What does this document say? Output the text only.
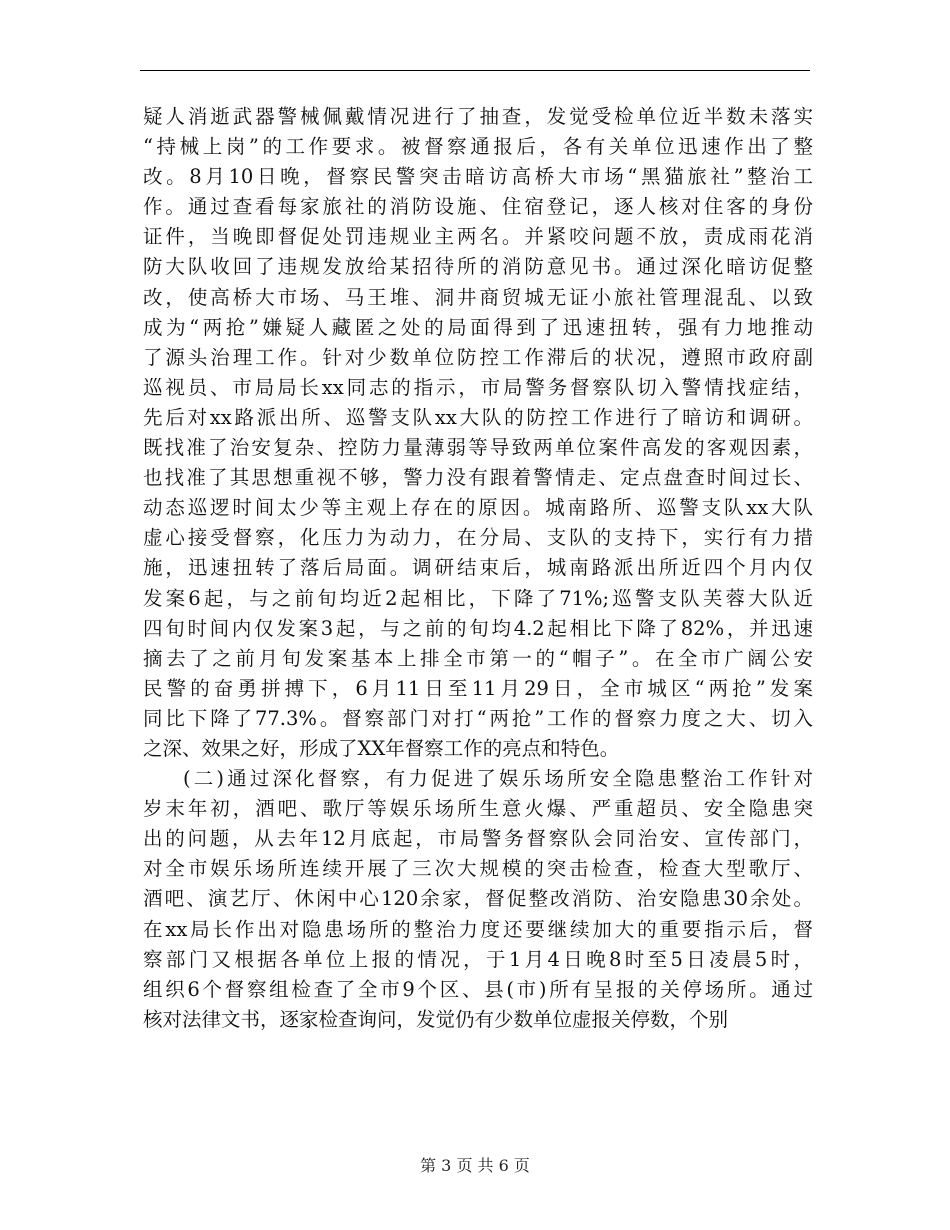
疑人消逝武器警械佩戴情况进行了抽查，发觉受检单位近半数未落实
“持械上岗”的工作要求。被督察通报后，各有关单位迅速作出了整
改。8月10日晚，督察民警突击暗访高桥大市场“黑猫旅社”整治工
作。通过查看每家旅社的消防设施、住宿登记，逐人核对住客的身份
证件，当晚即督促处罚违规业主两名。并紧咬问题不放，责成雨花消
防大队收回了违规发放给某招待所的消防意见书。通过深化暗访促整
改，使高桥大市场、马王堆、洞井商贸城无证小旅社管理混乱、以致
成为“两抢”嫌疑人藏匿之处的局面得到了迅速扭转，强有力地推动
了源头治理工作。针对少数单位防控工作滞后的状况，遵照市政府副
巡视员、市局局长xx同志的指示，市局警务督察队切入警情找症结，
先后对xx路派出所、巡警支队xx大队的防控工作进行了暗访和调研。
既找准了治安复杂、控防力量薄弱等导致两单位案件高发的客观因素，
也找准了其思想重视不够，警力没有跟着警情走、定点盘查时间过长、
动态巡逻时间太少等主观上存在的原因。城南路所、巡警支队xx大队
虚心接受督察，化压力为动力，在分局、支队的支持下，实行有力措
施，迅速扭转了落后局面。调研结束后，城南路派出所近四个月内仅
发案6起，与之前旬均近2起相比，下降了71%;巡警支队芙蓉大队近
四旬时间内仅发案3起，与之前的旬均4.2起相比下降了82%，并迅速
摘去了之前月旬发案基本上排全市第一的“帽子”。在全市广阔公安
民警的奋勇拼搏下，6月11日至11月29日，全市城区“两抢”发案
同比下降了77.3%。督察部门对打“两抢”工作的督察力度之大、切入
之深、效果之好，形成了XX年督察工作的亮点和特色。
(二)通过深化督察，有力促进了娱乐场所安全隐患整治工作针对
岁末年初，酒吧、歌厅等娱乐场所生意火爆、严重超员、安全隐患突
出的问题，从去年12月底起，市局警务督察队会同治安、宣传部门，
对全市娱乐场所连续开展了三次大规模的突击检查，检查大型歌厅、
酒吧、演艺厅、休闲中心120余家，督促整改消防、治安隐患30余处。
在xx局长作出对隐患场所的整治力度还要继续加大的重要指示后，督
察部门又根据各单位上报的情况，于1月4日晚8时至5日凌晨5时，
组织6个督察组检查了全市9个区、县(市)所有呈报的关停场所。通过
核对法律文书，逐家检查询问，发觉仍有少数单位虚报关停数，个别
第 3 页 共 6 页
